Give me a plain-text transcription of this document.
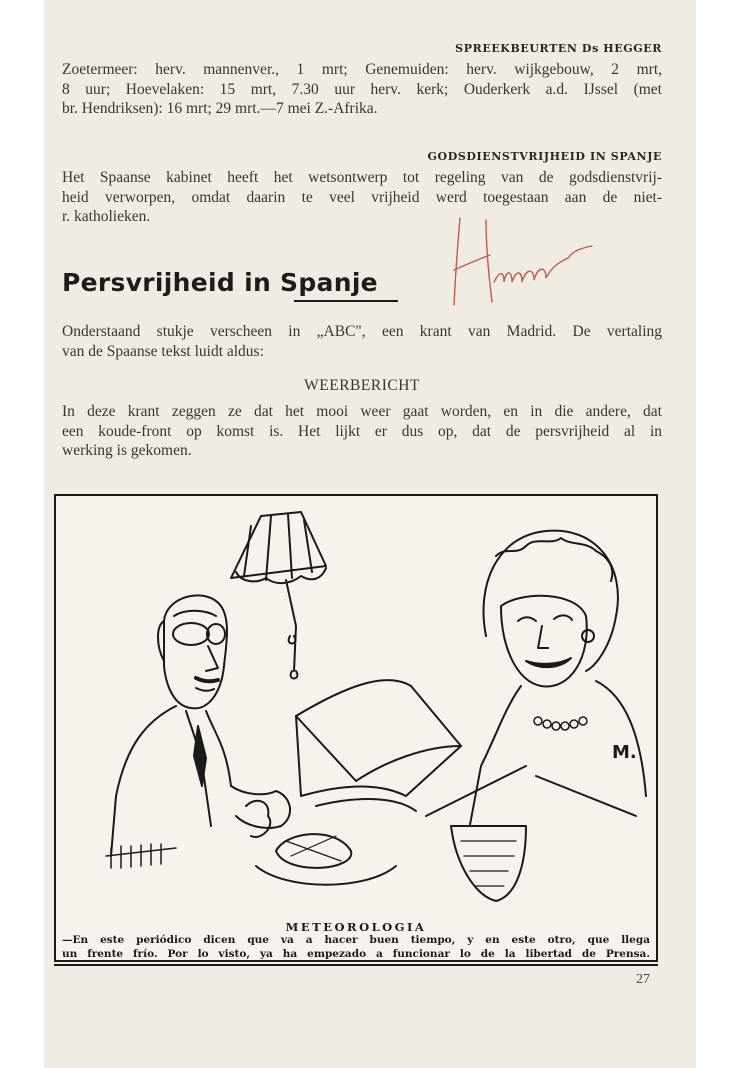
SPREEKBEURTEN Ds HEGGER

Zoetermeer: herv. mannenver., 1 mrt; Genemuiden: herv. wijkgebouw, 2 mrt,
8 uur; Hoevelaken: 15 mrt, 7.30 uur herv. kerk; Ouderkerk a.d. IJssel (met
br. Hendriksen): 16 mrt; 29 mrt.—7 mei Z.-Afrika.

GODSDIENSTVRIJHEID IN SPANJE

Het Spaanse kabinet heeft het wetsontwerp tot regeling van de godsdienstvrij-
heid verworpen, omdat daarin te veel vrijheid werd toegestaan aan de niet-
r. katholieken.

Persvrijheid in Spanje

Onderstaand stukje verscheen in „ABC", een krant van Madrid. De vertaling
van de Spaanse tekst luidt aldus:

WEERBERICHT

In deze krant zeggen ze dat het mooi weer gaat worden, en in die andere, dat
een koude-front op komst is. Het lijkt er dus op, dat de persvrijheid al in
werking is gekomen.

M.
METEOROLOGIA
—En este periódico dicen que va a hacer buen tiempo, y en este otro, que llega
un frente frío. Por lo visto, ya ha empezado a funcionar lo de la libertad de Prensa.
27
